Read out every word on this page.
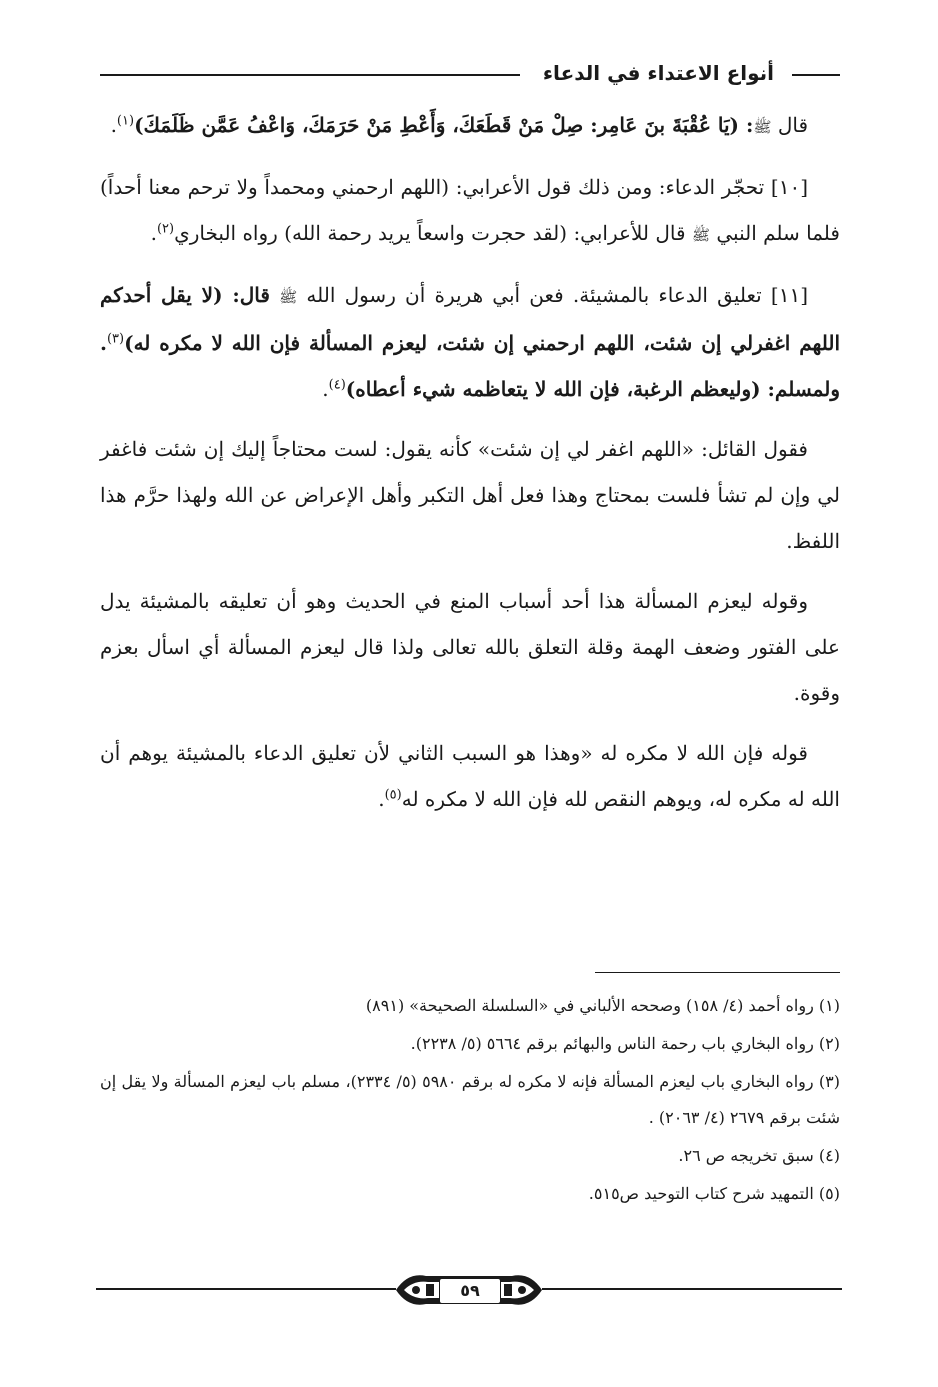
أنواع الاعتداء في الدعاء

قال ﷺ: (يَا عُقْبَةَ بنَ عَامِر: صِلْ مَنْ قَطَعَكَ، وَأَعْطِ مَنْ حَرَمَكَ، وَاعْفُ عَمَّن ظَلَمَكَ)$^{(١)}$.

[١٠] تحجّر الدعاء: ومن ذلك قول الأعرابي: (اللهم ارحمني ومحمداً ولا ترحم معنا أحداً) فلما سلم النبي ﷺ قال للأعرابي: (لقد حجرت واسعاً يريد رحمة الله) رواه البخاري$^{(٢)}$.

[١١] تعليق الدعاء بالمشيئة. فعن أبي هريرة أن رسول الله ﷺ قال: (لا يقل أحدكم اللهم اغفرلي إن شئت، اللهم ارحمني إن شئت، ليعزم المسألة فإن الله لا مكره له)$^{(٣)}$. ولمسلم: (وليعظم الرغبة، فإن الله لا يتعاظمه شيء أعطاه)$^{(٤)}$.

فقول القائل: «اللهم اغفر لي إن شئت» كأنه يقول: لست محتاجاً إليك إن شئت فاغفر لي وإن لم تشأ فلست بمحتاج وهذا فعل أهل التكبر وأهل الإعراض عن الله ولهذا حرَّم هذا اللفظ.

وقوله ليعزم المسألة هذا أحد أسباب المنع في الحديث وهو أن تعليقه بالمشيئة يدل على الفتور وضعف الهمة وقلة التعلق بالله تعالى ولذا قال ليعزم المسألة أي اسأل بعزم وقوة.

قوله فإن الله لا مكره له «وهذا هو السبب الثاني لأن تعليق الدعاء بالمشيئة يوهم أن الله له مكره له، ويوهم النقص لله فإن الله لا مكره له$^{(٥)}$.

(١) رواه أحمد (٤/ ١٥٨) وصححه الألباني في «السلسلة الصحيحة» (٨٩١)

(٢) رواه البخاري باب رحمة الناس والبهائم برقم ٥٦٦٤ (٥/ ٢٢٣٨).

(٣) رواه البخاري باب ليعزم المسألة فإنه لا مكره له برقم ٥٩٨٠ (٥/ ٢٣٣٤)، مسلم باب ليعزم المسألة ولا يقل إن شئت برقم ٢٦٧٩ (٤/ ٢٠٦٣) .

(٤) سبق تخريجه ص ٢٦.

(٥) التمهيد شرح كتاب التوحيد ص٥١٥.

٥٩
